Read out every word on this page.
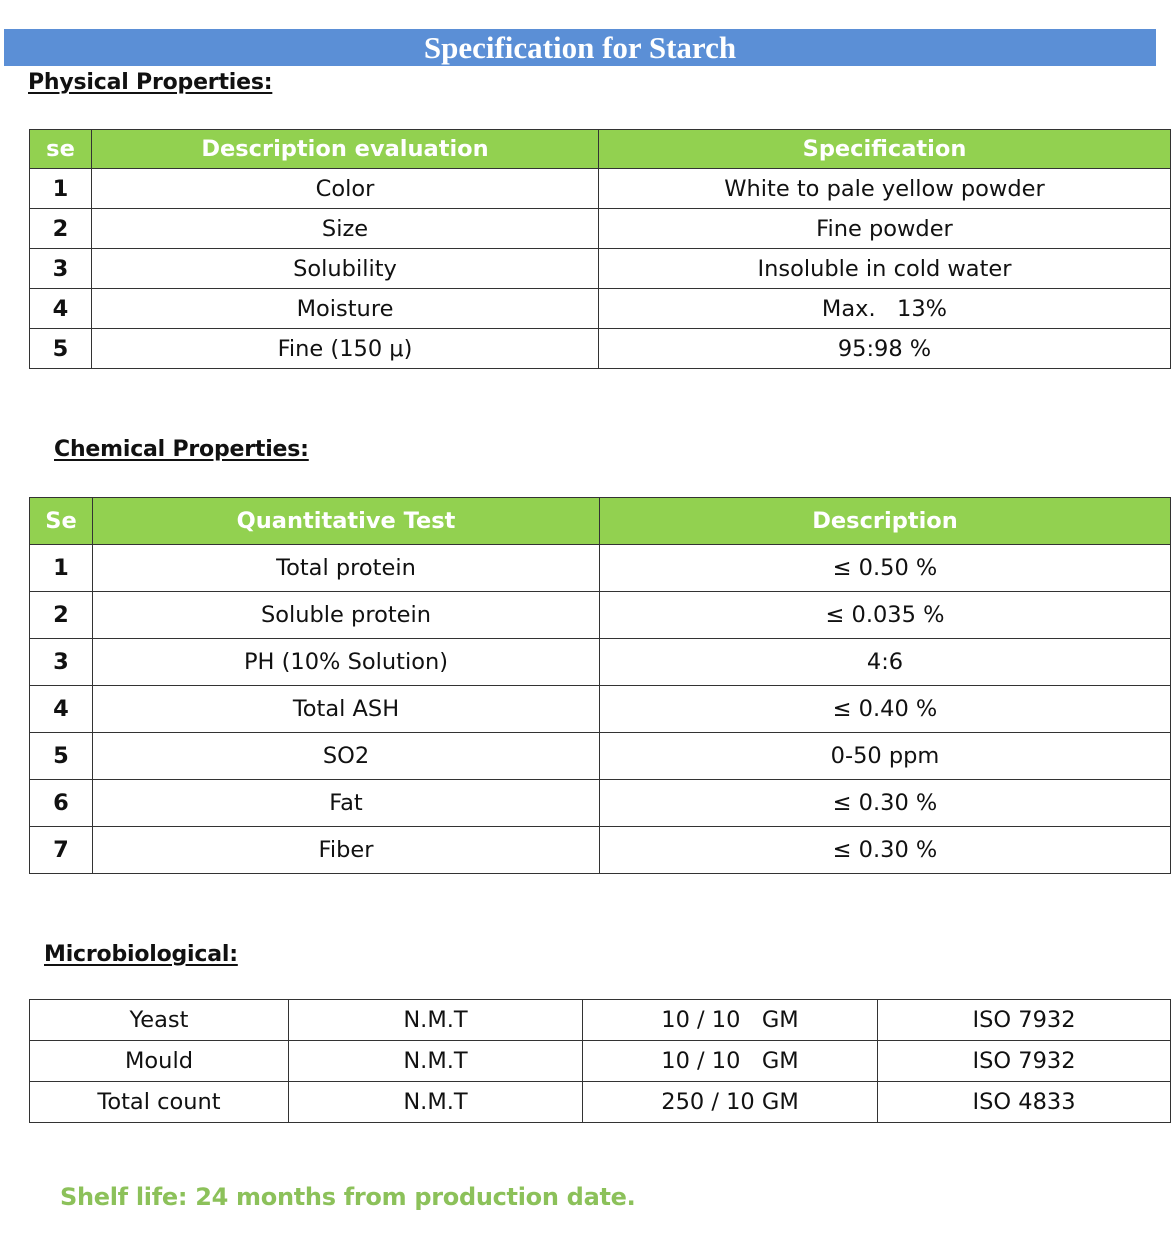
Specification for Starch
Physical Properties:
se	Description evaluation	Specification
1	Color	White to pale yellow powder
2	Size	Fine powder
3	Solubility	Insoluble in cold water
4	Moisture	Max.   13%
5	Fine (150 μ)	95:98 %
Chemical Properties:
Se	Quantitative Test	Description
1	Total protein	≤ 0.50 %
2	Soluble protein	≤ 0.035 %
3	PH (10% Solution)	4:6
4	Total ASH	≤ 0.40 %
5	SO2	0-50 ppm
6	Fat	≤ 0.30 %
7	Fiber	≤ 0.30 %
Microbiological:
Yeast	N.M.T	10 / 10   GM	ISO 7932
Mould	N.M.T	10 / 10   GM	ISO 7932
Total count	N.M.T	250 / 10 GM	ISO 4833
Shelf life: 24 months from production date.
